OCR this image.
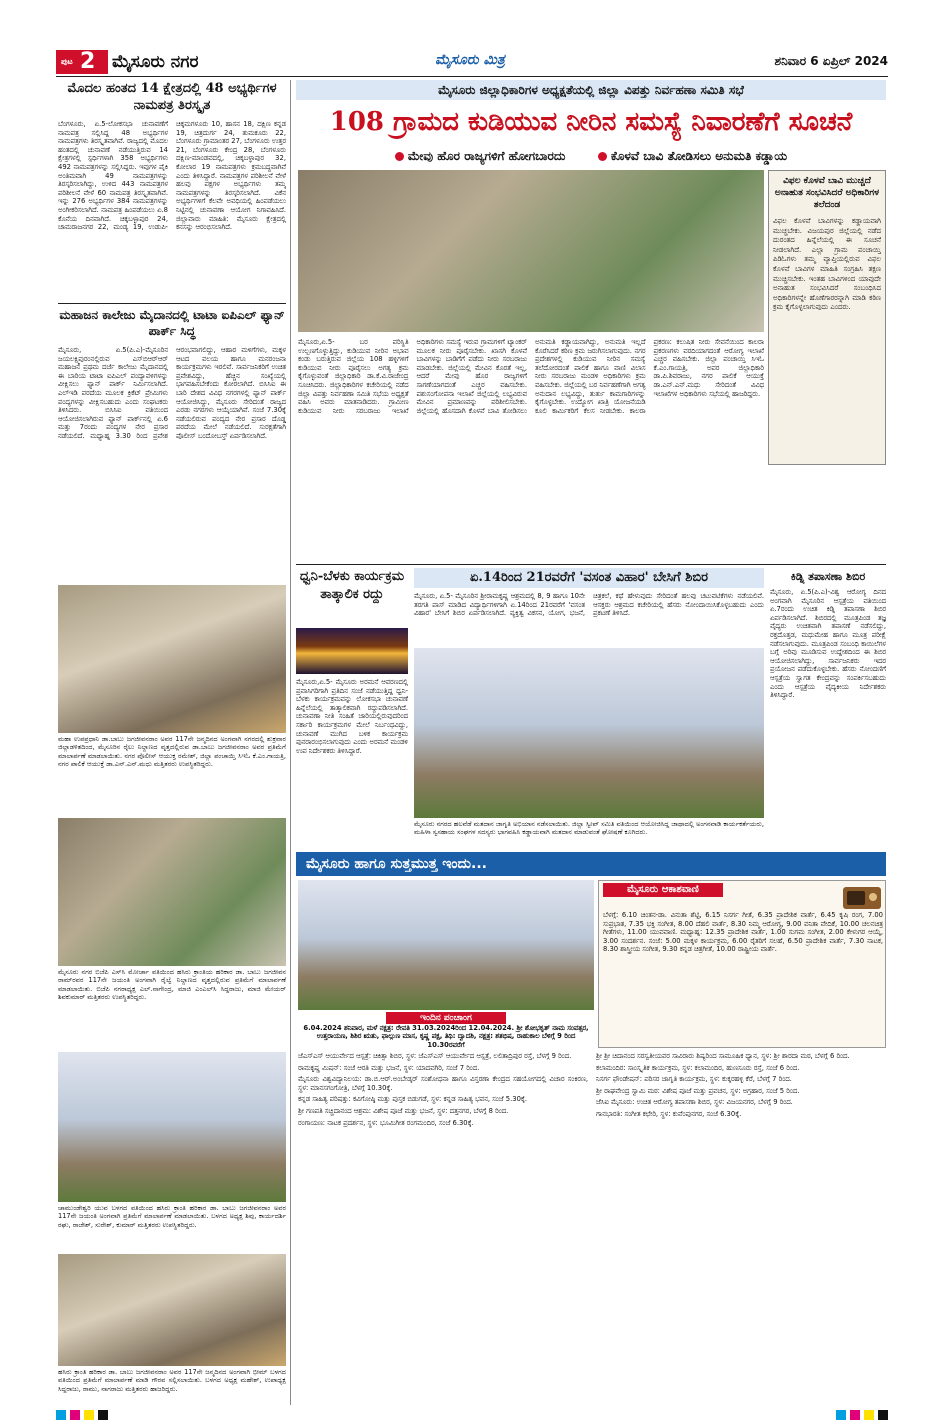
ಪುಟ 2 ಮೈಸೂರು ನಗರ	ಮೈಸೂರು ಮಿತ್ರ	ಶನಿವಾರ 6 ಏಪ್ರಿಲ್ 2024
ಮೊದಲ ಹಂತದ 14 ಕ್ಷೇತ್ರದಲ್ಲಿ 48 ಅಭ್ಯರ್ಥಿಗಳ ನಾಮಪತ್ರ ತಿರಸ್ಕೃತ
ಬೆಂಗಳೂರು, ಏ.5-ಲೋಕಸಭಾ ಚುನಾವಣೆಗೆ ನಾಮಪತ್ರ ಸಲ್ಲಿಸಿದ್ದ 48 ಅಭ್ಯರ್ಥಿಗಳ ನಾಮಪತ್ರಗಳು ತಿರಸ್ಕೃತವಾಗಿವೆ. ರಾಜ್ಯದಲ್ಲಿ ಮೊದಲ ಹಂತದಲ್ಲಿ ಚುನಾವಣೆ ನಡೆಯುತ್ತಿರುವ 14 ಕ್ಷೇತ್ರಗಳಲ್ಲಿ ಸ್ಪರ್ಧಿಗಳಾಗಿ 358 ಅಭ್ಯರ್ಥಿಗಳು 492 ನಾಮಪತ್ರಗಳನ್ನು ಸಲ್ಲಿಸಿದ್ದರು. ಇವುಗಳ ಪೈಕಿ ಅಂತಿಮವಾಗಿ 49 ನಾಮಪತ್ರಗಳನ್ನು ತಿರಸ್ಕರಿಸಲಾಗಿದ್ದು, ಉಳಿದ 443 ನಾಮಪತ್ರಗಳ ಪರಿಶೀಲನೆ ವೇಳೆ 60 ನಾಮಪತ್ರ ತಿರಸ್ಕೃತವಾಗಿವೆ. ಇನ್ನು 276 ಅಭ್ಯರ್ಥಿಗಳ 384 ನಾಮಪತ್ರಗಳನ್ನು ಅಂಗೀಕರಿಸಲಾಗಿದೆ. ನಾಮಪತ್ರ ಹಿಂಪಡೆಯಲು ಏ.8 ಕೊನೆಯ ದಿನವಾಗಿದೆ. ಚಿಕ್ಕಬಳ್ಳಾಪುರ 24, ಚಾಮರಾಜನಗರ 22, ಮಂಡ್ಯ 19, ಉಡುಪಿ-ಚಿಕ್ಕಮಗಳೂರು 10, ಹಾಸನ 18, ದಕ್ಷಿಣ ಕನ್ನಡ 19, ಚಿತ್ರದುರ್ಗ 24, ತುಮಕೂರು 22, ಬೆಂಗಳೂರು ಗ್ರಾಮಾಂತರ 27, ಬೆಂಗಳೂರು ಉತ್ತರ 21, ಬೆಂಗಳೂರು ಕೇಂದ್ರ 28, ಬೆಂಗಳೂರು ದಕ್ಷಿಣ-ಮಾಂಡವದಲ್ಲಿ, ಚಿಕ್ಕಬಳ್ಳಾಪುರ 32, ಕೋಲಾರ 19 ನಾಮಪತ್ರಗಳು ಕ್ರಮಬದ್ಧವಾಗಿವೆ ಎಂದು ತಿಳಿಸಿದ್ದಾರೆ. ನಾಮಪತ್ರಗಳ ಪರಿಶೀಲನೆ ವೇಳೆ ಹಲವು ಪಕ್ಷಗಳ ಅಭ್ಯರ್ಥಿಗಳು ತಮ್ಮ ನಾಮಪತ್ರಗಳನ್ನು ತಿರಸ್ಕರಿಸಲಾಗಿದೆ. ವಿಕೆನ ಅಭ್ಯರ್ಥಿಗಳಿಗೆ ಕೆಲವೇ ಅವಧಿಯಲ್ಲಿ ಹಿಂಪಡೆಯಲು ನಿಟ್ಟಿನಲ್ಲಿ ಚುನಾವಣಾ ಆಯೋಗ ನಿಗಾವಹಿಸಿದೆ. ಜಿಲ್ಲಾವಾರು ಮಾಹಿತಿ: ಮೈಸೂರು ಕ್ಷೇತ್ರದಲ್ಲಿ ಕನಸನ್ನು ಆರಂಭಿಸಲಾಗಿದೆ.
ಮಹಾಜನ ಕಾಲೇಜು ಮೈದಾನದಲ್ಲಿ ಟಾಟಾ ಐಪಿಎಲ್ ಫ್ಯಾನ್ ಪಾರ್ಕ್ ಸಿದ್ಧ
ಮೈಸೂರು, ಏ.5(ಪಿ.ಎ)-ಮೈಸೂರಿನ ಜಯಲಕ್ಷ್ಮಿಪುರಂನಲ್ಲಿರುವ ಎಸ್‌ಬಿಆರ್‌ಆರ್ ಮಹಾಜನ ಪ್ರಥಮ ದರ್ಜೆ ಕಾಲೇಜು ಮೈದಾನದಲ್ಲಿ ಈ ಬಾರಿಯ ಟಾಟಾ ಐಪಿಎಲ್ ಪಂದ್ಯಾವಳಿಗಳನ್ನು ವೀಕ್ಷಿಸಲು ಫ್ಯಾನ್ ಪಾರ್ಕ್ ನಿರ್ಮಿಸಲಾಗಿದೆ. ಎಲ್‌ಇಡಿ ಪರದೆಯ ಮೂಲಕ ಕ್ರಿಕೆಟ್ ಪ್ರೇಮಿಗಳು ಪಂದ್ಯಗಳನ್ನು ವೀಕ್ಷಿಸಬಹುದು ಎಂದು ಸಂಘಟಕರು ತಿಳಿಸಿದರು. ಬಿಸಿಸಿಐ ವತಿಯಿಂದ ಆಯೋಜಿಸಲಾಗಿರುವ ಫ್ಯಾನ್ ಪಾರ್ಕ್‌ನಲ್ಲಿ ಏ.6 ಮತ್ತು 7ರಂದು ಪಂದ್ಯಗಳ ನೇರ ಪ್ರಸಾರ ನಡೆಯಲಿದೆ. ಮಧ್ಯಾಹ್ನ 3.30 ರಿಂದ ಪ್ರವೇಶ ಆರಂಭವಾಗಲಿದ್ದು, ಆಹಾರ ಮಳಿಗೆಗಳು, ಮಕ್ಕಳ ಆಟದ ವಲಯ ಹಾಗೂ ಮನರಂಜನಾ ಕಾರ್ಯಕ್ರಮಗಳು ಇರಲಿವೆ. ಸಾರ್ವಜನಿಕರಿಗೆ ಉಚಿತ ಪ್ರವೇಶವಿದ್ದು, ಹೆಚ್ಚಿನ ಸಂಖ್ಯೆಯಲ್ಲಿ ಭಾಗವಹಿಸಬೇಕೆಂದು ಕೋರಲಾಗಿದೆ. ಬಿಸಿಸಿಐ ಈ ಬಾರಿ ದೇಶದ ವಿವಿಧ ನಗರಗಳಲ್ಲಿ ಫ್ಯಾನ್ ಪಾರ್ಕ್ ಆಯೋಜಿಸಿದ್ದು, ಮೈಸೂರು ಸೇರಿದಂತೆ ರಾಜ್ಯದ ಎರಡು ನಗರಗಳು ಆಯ್ಕೆಯಾಗಿವೆ. ಸಂಜೆ 7.30ಕ್ಕೆ ನಡೆಯಲಿರುವ ಪಂದ್ಯದ ನೇರ ಪ್ರಸಾರ ದೊಡ್ಡ ಪರದೆಯ ಮೇಲೆ ನಡೆಯಲಿದೆ. ಸುರಕ್ಷತೆಗಾಗಿ ಪೊಲೀಸ್ ಬಂದೋಬಸ್ತ್ ಏರ್ಪಡಿಸಲಾಗಿದೆ.
ಮಹಾ ಉಪಪ್ರಧಾನಿ ಡಾ.ಬಾಬು ಜಗಜೀವನರಾಂ ಅವರ 117ನೇ ಜನ್ಮದಿನದ ಅಂಗವಾಗಿ ನಗರದಲ್ಲಿ ಶುಕ್ರವಾರ ಜಿಲ್ಲಾಡಳಿತದಿಂದ, ಮೈಸೂರಿನ ರೈಲು ನಿಲ್ದಾಣದ ವೃತ್ತದಲ್ಲಿರುವ ಡಾ.ಬಾಬು ಜಗಜೀವನರಾಂ ಅವರ ಪ್ರತಿಮೆಗೆ ಮಾಲಾರ್ಪಣೆ ಮಾಡಲಾಯಿತು. ನಗರ ಪೊಲೀಸ್ ಆಯುಕ್ತ ರಮೇಶ್, ಜಿಲ್ಲಾ ಪಂಚಾಯ್ತಿ ಸಿಇಓ ಕೆ.ಎಂ.ಗಾಯತ್ರಿ, ನಗರ ಪಾಲಿಕೆ ಆಯುಕ್ತೆ ಡಾ.ಎನ್.ಎನ್.ಮಧು ಮತ್ತಿತರರು ಉಪಸ್ಥಿತರಿದ್ದರು.
ಮೈಸೂರು ನಗರ ಬಿಜೆಪಿ ಎಸ್‌ಸಿ ಮೋರ್ಚಾ ವತಿಯಿಂದ ಹಸಿರು ಕ್ರಾಂತಿಯ ಹರಿಕಾರ ಡಾ. ಬಾಬು ಜಗಜೀವನ ರಾಮ್‌ರವರ 117ನೇ ಜಯಂತಿ ಅಂಗವಾಗಿ ರೈಲ್ವೆ ನಿಲ್ದಾಣದ ವೃತ್ತದಲ್ಲಿರುವ ಪ್ರತಿಮೆಗೆ ಮಾಲಾರ್ಪಣೆ ಮಾಡಲಾಯಿತು. ಬಿಜೆಪಿ ನಗರಾಧ್ಯಕ್ಷ ಎಲ್.ನಾಗೇಂದ್ರ, ಮಾಜಿ ಎಂಎಲ್‌ಸಿ ಸಿದ್ದರಾಜು, ಮಾಜಿ ಮೇಯರ್ ಶಿವಕುಮಾರ್ ಮತ್ತಿತರರು ಉಪಸ್ಥಿತರಿದ್ದರು.
ಚಾಮುಂಡೇಶ್ವರಿ ಯುವ ಬಳಗದ ವತಿಯಿಂದ ಹಸಿರು ಕ್ರಾಂತಿ ಹರಿಕಾರ ಡಾ. ಬಾಬು ಜಗಜೀವನರಾಂ ಅವರ 117ನೇ ಜಯಂತಿ ಅಂಗವಾಗಿ ಪ್ರತಿಮೆಗೆ ಮಾಲಾರ್ಪಣೆ ಮಾಡಲಾಯಿತು. ಬಳಗದ ಅಧ್ಯಕ್ಷ ಶಿವು, ಕಾರ್ಯದರ್ಶಿ ರಘು, ರಾಜೇಶ್, ಸುರೇಶ್, ಕುಮಾರ್ ಮತ್ತಿತರರು ಉಪಸ್ಥಿತರಿದ್ದರು.
ಹಸಿರು ಕ್ರಾಂತಿ ಹರಿಕಾರ ಡಾ. ಬಾಬು ಜಗಜೀವನರಾಂ ಅವರ 117ನೇ ಜನ್ಮದಿನದ ಅಂಗವಾಗಿ ಭೀಮ್ ಬಳಗದ ವತಿಯಿಂದ ಪ್ರತಿಮೆಗೆ ಮಾಲಾರ್ಪಣೆ ಮಾಡಿ ಗೌರವ ಸಲ್ಲಿಸಲಾಯಿತು. ಬಳಗದ ಅಧ್ಯಕ್ಷ ಮಹೇಶ್, ಉಪಾಧ್ಯಕ್ಷ ಸಿದ್ದರಾಜು, ರಾಮು, ನಾಗರಾಜು ಮತ್ತಿತರರು ಹಾಜರಿದ್ದರು.
ಮೈಸೂರು ಜಿಲ್ಲಾಧಿಕಾರಿಗಳ ಅಧ್ಯಕ್ಷತೆಯಲ್ಲಿ ಜಿಲ್ಲಾ ವಿಪತ್ತು ನಿರ್ವಹಣಾ ಸಮಿತಿ ಸಭೆ
108 ಗ್ರಾಮದ ಕುಡಿಯುವ ನೀರಿನ ಸಮಸ್ಯೆ ನಿವಾರಣೆಗೆ ಸೂಚನೆ
ಮೇವು ಹೊರ ರಾಜ್ಯಗಳಿಗೆ ಹೋಗಬಾರದು	ಕೊಳವೆ ಬಾವಿ ತೋಡಿಸಲು ಅನುಮತಿ ಕಡ್ಡಾಯ
ವಿಫಲ ಕೊಳವೆ ಬಾವಿ ಮುಚ್ಚದೆ ಅನಾಹುತ ಸಂಭವಿಸಿದರೆ ಅಧಿಕಾರಿಗಳ ತಲೆದಂಡ
ವಿಫಲ ಕೊಳವೆ ಬಾವಿಗಳನ್ನು ಕಡ್ಡಾಯವಾಗಿ ಮುಚ್ಚಬೇಕು. ವಿಜಯಪುರ ಜಿಲ್ಲೆಯಲ್ಲಿ ನಡೆದ ದುರಂತದ ಹಿನ್ನೆಲೆಯಲ್ಲಿ ಈ ಸೂಚನೆ ನೀಡಲಾಗಿದೆ. ಎಲ್ಲಾ ಗ್ರಾಮ ಪಂಚಾಯ್ತಿ ಪಿಡಿಓಗಳು ತಮ್ಮ ವ್ಯಾಪ್ತಿಯಲ್ಲಿರುವ ವಿಫಲ ಕೊಳವೆ ಬಾವಿಗಳ ಮಾಹಿತಿ ಸಂಗ್ರಹಿಸಿ ತಕ್ಷಣ ಮುಚ್ಚಿಸಬೇಕು. ಇಂತಹ ಬಾವಿಗಳಿಂದ ಯಾವುದೇ ಅನಾಹುತ ಸಂಭವಿಸಿದರೆ ಸಂಬಂಧಿಸಿದ ಅಧಿಕಾರಿಗಳನ್ನೇ ಹೊಣೆಗಾರರನ್ನಾಗಿ ಮಾಡಿ ಕಠಿಣ ಕ್ರಮ ಕೈಗೊಳ್ಳಲಾಗುವುದು ಎಂದರು.
ಮೈಸೂರು,ಏ.5- ಬರ ಪರಿಸ್ಥಿತಿ ಉಲ್ಬಣಗೊಳ್ಳುತ್ತಿದ್ದು, ಕುಡಿಯುವ ನೀರಿನ ಅಭಾವ ಕಂಡು ಬರುತ್ತಿರುವ ಜಿಲ್ಲೆಯ 108 ಹಳ್ಳಿಗಳಿಗೆ ಕುಡಿಯುವ ನೀರು ಪೂರೈಸಲು ಅಗತ್ಯ ಕ್ರಮ ಕೈಗೊಳ್ಳುವಂತೆ ಜಿಲ್ಲಾಧಿಕಾರಿ ಡಾ.ಕೆ.ವಿ.ರಾಜೇಂದ್ರ ಸೂಚಿಸಿದರು. ಜಿಲ್ಲಾಧಿಕಾರಿಗಳ ಕಚೇರಿಯಲ್ಲಿ ನಡೆದ ಜಿಲ್ಲಾ ವಿಪತ್ತು ನಿರ್ವಹಣಾ ಸಮಿತಿ ಸಭೆಯ ಅಧ್ಯಕ್ಷತೆ ವಹಿಸಿ ಅವರು ಮಾತನಾಡಿದರು. ಗ್ರಾಮೀಣ ಕುಡಿಯುವ ನೀರು ಸರಬರಾಜು ಇಲಾಖೆ ಅಧಿಕಾರಿಗಳು ಸಮಸ್ಯೆ ಇರುವ ಗ್ರಾಮಗಳಿಗೆ ಟ್ಯಾಂಕರ್ ಮೂಲಕ ನೀರು ಪೂರೈಸಬೇಕು. ಖಾಸಗಿ ಕೊಳವೆ ಬಾವಿಗಳನ್ನು ಬಾಡಿಗೆಗೆ ಪಡೆದು ನೀರು ಸರಬರಾಜು ಮಾಡಬೇಕು. ಜಿಲ್ಲೆಯಲ್ಲಿ ಮೇವಿನ ಕೊರತೆ ಇಲ್ಲ, ಆದರೆ ಮೇವು ಹೊರ ರಾಜ್ಯಗಳಿಗೆ ಸಾಗಣೆಯಾಗದಂತೆ ಎಚ್ಚರ ವಹಿಸಬೇಕು. ಪಶುಸಂಗೋಪನಾ ಇಲಾಖೆ ಜಿಲ್ಲೆಯಲ್ಲಿ ಲಭ್ಯವಿರುವ ಮೇವಿನ ಪ್ರಮಾಣವನ್ನು ಪರಿಶೀಲಿಸಬೇಕು. ಜಿಲ್ಲೆಯಲ್ಲಿ ಹೊಸದಾಗಿ ಕೊಳವೆ ಬಾವಿ ತೋಡಿಸಲು ಅನುಮತಿ ಕಡ್ಡಾಯವಾಗಿದ್ದು, ಅನುಮತಿ ಇಲ್ಲದೆ ಕೊರೆಸಿದರೆ ಕಠಿಣ ಕ್ರಮ ಜರುಗಿಸಲಾಗುವುದು. ನಗರ ಪ್ರದೇಶಗಳಲ್ಲಿ ಕುಡಿಯುವ ನೀರಿನ ಸಮಸ್ಯೆ ತಲೆದೋರದಂತೆ ಪಾಲಿಕೆ ಹಾಗೂ ವಾಣಿ ವಿಲಾಸ ನೀರು ಸರಬರಾಜು ಮಂಡಳಿ ಅಧಿಕಾರಿಗಳು ಕ್ರಮ ವಹಿಸಬೇಕು. ಜಿಲ್ಲೆಯಲ್ಲಿ ಬರ ನಿರ್ವಹಣೆಗಾಗಿ ಅಗತ್ಯ ಅನುದಾನ ಲಭ್ಯವಿದ್ದು, ತುರ್ತು ಕಾಮಗಾರಿಗಳನ್ನು ಕೈಗೊಳ್ಳಬೇಕು. ಉದ್ಯೋಗ ಖಾತ್ರಿ ಯೋಜನೆಯಡಿ ಕೂಲಿ ಕಾರ್ಮಿಕರಿಗೆ ಕೆಲಸ ನೀಡಬೇಕು. ಕಾಲರಾ ಪ್ರಕರಣ: ಕಲುಷಿತ ನೀರು ಸೇವನೆಯಿಂದ ಕಾಲರಾ ಪ್ರಕರಣಗಳು ವರದಿಯಾಗದಂತೆ ಆರೋಗ್ಯ ಇಲಾಖೆ ಎಚ್ಚರ ವಹಿಸಬೇಕು. ಜಿಲ್ಲಾ ಪಂಚಾಯ್ತಿ ಸಿಇಓ ಕೆ.ಎಂ.ಗಾಯತ್ರಿ, ಅಪರ ಜಿಲ್ಲಾಧಿಕಾರಿ ಡಾ.ಪಿ.ಶಿವರಾಜು, ನಗರ ಪಾಲಿಕೆ ಆಯುಕ್ತೆ ಡಾ.ಎನ್.ಎನ್.ಮಧು ಸೇರಿದಂತೆ ವಿವಿಧ ಇಲಾಖೆಗಳ ಅಧಿಕಾರಿಗಳು ಸಭೆಯಲ್ಲಿ ಹಾಜರಿದ್ದರು.
ಧ್ವನಿ-ಬೆಳಕು ಕಾರ್ಯಕ್ರಮ ತಾತ್ಕಾಲಿಕ ರದ್ದು
ಮೈಸೂರು,ಏ.5- ಮೈಸೂರು ಅರಮನೆ ಆವರಣದಲ್ಲಿ ಪ್ರವಾಸಿಗರಿಗಾಗಿ ಪ್ರತಿದಿನ ಸಂಜೆ ನಡೆಯುತ್ತಿದ್ದ ಧ್ವನಿ-ಬೆಳಕು ಕಾರ್ಯಕ್ರಮವನ್ನು ಲೋಕಸಭಾ ಚುನಾವಣೆ ಹಿನ್ನೆಲೆಯಲ್ಲಿ ತಾತ್ಕಾಲಿಕವಾಗಿ ರದ್ದುಪಡಿಸಲಾಗಿದೆ. ಚುನಾವಣಾ ನೀತಿ ಸಂಹಿತೆ ಜಾರಿಯಲ್ಲಿರುವುದರಿಂದ ಸರ್ಕಾರಿ ಕಾರ್ಯಕ್ರಮಗಳ ಮೇಲೆ ನಿರ್ಬಂಧವಿದ್ದು, ಚುನಾವಣೆ ಮುಗಿದ ಬಳಿಕ ಕಾರ್ಯಕ್ರಮ ಪುನರಾರಂಭಿಸಲಾಗುವುದು ಎಂದು ಅರಮನೆ ಮಂಡಳಿ ಉಪ ನಿರ್ದೇಶಕರು ತಿಳಿಸಿದ್ದಾರೆ.
ಏ.14ರಿಂದ 21ರವರೆಗೆ 'ವಸಂತ ವಿಹಾರ' ಬೇಸಿಗೆ ಶಿಬಿರ
ಮೈಸೂರು, ಏ.5- ಮೈಸೂರಿನ ಶ್ರೀರಾಮಕೃಷ್ಣ ಆಶ್ರಮದಲ್ಲಿ 8, 9 ಹಾಗೂ 10ನೇ ತರಗತಿ ಪಾಸ್ ಮಾಡಿದ ವಿದ್ಯಾರ್ಥಿಗಳಿಗಾಗಿ ಏ.14ರಿಂದ 21ರವರೆಗೆ 'ವಸಂತ ವಿಹಾರ' ಬೇಸಿಗೆ ಶಿಬಿರ ಏರ್ಪಡಿಸಲಾಗಿದೆ. ವ್ಯಕ್ತಿತ್ವ ವಿಕಸನ, ಯೋಗ, ಭಜನೆ, ಚಿತ್ರಕಲೆ, ಕಥೆ ಹೇಳುವುದು ಸೇರಿದಂತೆ ಹಲವು ಚಟುವಟಿಕೆಗಳು ನಡೆಯಲಿವೆ. ಆಸಕ್ತರು ಆಶ್ರಮದ ಕಚೇರಿಯಲ್ಲಿ ಹೆಸರು ನೋಂದಾಯಿಸಿಕೊಳ್ಳಬಹುದು ಎಂದು ಪ್ರಕಟಣೆ ತಿಳಿಸಿದೆ.
ಮೈಸೂರು ನಗರದ ಹಲವೆಡೆ ಮತದಾನ ಜಾಗೃತಿ ಅಭಿಯಾನ ನಡೆಸಲಾಯಿತು. ಜಿಲ್ಲಾ ಸ್ವೀಪ್ ಸಮಿತಿ ವತಿಯಿಂದ ಆಯೋಜಿಸಿದ್ದ ಜಾಥಾದಲ್ಲಿ ಅಂಗನವಾಡಿ ಕಾರ್ಯಕರ್ತೆಯರು, ಮಹಿಳಾ ಸ್ವಸಹಾಯ ಸಂಘಗಳ ಸದಸ್ಯರು ಭಾಗವಹಿಸಿ ಕಡ್ಡಾಯವಾಗಿ ಮತದಾನ ಮಾಡುವಂತೆ ಘೋಷಣೆ ಕೂಗಿದರು.
ಕಿಡ್ನಿ ತಪಾಸಣಾ ಶಿಬಿರ
ಮೈಸೂರು, ಏ.5(ಪಿ.ಎ)-ವಿಶ್ವ ಆರೋಗ್ಯ ದಿನದ ಅಂಗವಾಗಿ ಮೈಸೂರಿನ ಆಸ್ಪತ್ರೆಯ ವತಿಯಿಂದ ಏ.7ರಂದು ಉಚಿತ ಕಿಡ್ನಿ ತಪಾಸಣಾ ಶಿಬಿರ ಏರ್ಪಡಿಸಲಾಗಿದೆ. ಶಿಬಿರದಲ್ಲಿ ಮೂತ್ರಪಿಂಡ ತಜ್ಞ ವೈದ್ಯರು ಉಚಿತವಾಗಿ ತಪಾಸಣೆ ನಡೆಸಲಿದ್ದು, ರಕ್ತದೊತ್ತಡ, ಮಧುಮೇಹ ಹಾಗೂ ಮೂತ್ರ ಪರೀಕ್ಷೆ ನಡೆಸಲಾಗುವುದು. ಮೂತ್ರಪಿಂಡ ಸಂಬಂಧಿ ಕಾಯಿಲೆಗಳ ಬಗ್ಗೆ ಅರಿವು ಮೂಡಿಸುವ ಉದ್ದೇಶದಿಂದ ಈ ಶಿಬಿರ ಆಯೋಜಿಸಲಾಗಿದ್ದು, ಸಾರ್ವಜನಿಕರು ಇದರ ಪ್ರಯೋಜನ ಪಡೆದುಕೊಳ್ಳಬೇಕು. ಹೆಸರು ನೋಂದಣಿಗೆ ಆಸ್ಪತ್ರೆಯ ಸ್ವಾಗತ ಕೇಂದ್ರವನ್ನು ಸಂಪರ್ಕಿಸಬಹುದು ಎಂದು ಆಸ್ಪತ್ರೆಯ ವೈದ್ಯಕೀಯ ನಿರ್ದೇಶಕರು ತಿಳಿಸಿದ್ದಾರೆ.
ಮೈಸೂರು ಹಾಗೂ ಸುತ್ತಮುತ್ತ ಇಂದು...
ಇಂದಿನ ಪಂಚಾಂಗ
6.04.2024 ಶನಿವಾರ, ಮಳೆ ನಕ್ಷತ್ರ: ರೇವತಿ 31.03.2024ರಿಂದ 12.04.2024. ಶ್ರೀ ಶೋಭಕೃತ್ ನಾಮ ಸಂವತ್ಸರ, ಉತ್ತರಾಯಣ, ಶಿಶಿರ ಋತು, ಫಾಲ್ಗುಣ ಮಾಸ, ಕೃಷ್ಣ ಪಕ್ಷ, ತಿಥಿ: ದ್ವಾದಶಿ, ನಕ್ಷತ್ರ: ಶತಭಿಷ, ರಾಹುಕಾಲ ಬೆಳಿಗ್ಗೆ 9 ರಿಂದ 10.30ರವರೆಗೆ
ಮೈಸೂರು ಆಕಾಶವಾಣಿ
ಬೆಳಗ್ಗೆ: 6.10 ಚಿಂತನ-ಡಾ. ವಿನುತಾ ಶೆಟ್ಟಿ, 6.15 ನಿಸರ್ಗ ಗೀತೆ, 6.35 ಪ್ರಾದೇಶಿಕ ವಾರ್ತೆ, 6.45 ಕೃಷಿ ರಂಗ, 7.00 ಸುಪ್ರಭಾತ, 7.35 ಭಕ್ತಿ ಸಂಗೀತ, 8.00 ದೆಹಲಿ ವಾರ್ತೆ, 8.30 ನಿಮ್ಮ ಆರೋಗ್ಯ, 9.00 ವನಿತಾ ವೇದಿಕೆ, 10.00 ಚಲನಚಿತ್ರ ಗೀತೆಗಳು, 11.00 ಯುವವಾಣಿ. ಮಧ್ಯಾಹ್ನ: 12.35 ಪ್ರಾದೇಶಿಕ ವಾರ್ತೆ, 1.00 ಸುಗಮ ಸಂಗೀತ, 2.00 ಕೇಳುಗರ ಆಯ್ಕೆ, 3.00 ಸಂದರ್ಶನ. ಸಂಜೆ: 5.00 ಮಕ್ಕಳ ಕಾರ್ಯಕ್ರಮ, 6.00 ರೈತರಿಗೆ ಸಲಹೆ, 6.50 ಪ್ರಾದೇಶಿಕ ವಾರ್ತೆ, 7.30 ನಾಟಕ, 8.30 ಶಾಸ್ತ್ರೀಯ ಸಂಗೀತ, 9.30 ಕನ್ನಡ ಚಿತ್ರಗೀತೆ, 10.00 ರಾಷ್ಟ್ರೀಯ ವಾರ್ತೆ.
ಜೆಎಸ್‌ಎಸ್ ಆಯುರ್ವೇದ ಆಸ್ಪತ್ರೆ: ಚಿಕಿತ್ಸಾ ಶಿಬಿರ, ಸ್ಥಳ: ಜೆಎಸ್‌ಎಸ್ ಆಯುರ್ವೇದ ಆಸ್ಪತ್ರೆ, ಲಲಿತಾದ್ರಿಪುರ ರಸ್ತೆ, ಬೆಳಗ್ಗೆ 9 ರಿಂದ.
ರಾಮಕೃಷ್ಣ ಮಿಷನ್: ಸಂಜೆ ಆರತಿ ಮತ್ತು ಭಜನೆ, ಸ್ಥಳ: ಯಾದವಗಿರಿ, ಸಂಜೆ 7 ರಿಂದ.
ಮೈಸೂರು ವಿಶ್ವವಿದ್ಯಾನಿಲಯ: ಡಾ.ಬಿ.ಆರ್.ಅಂಬೇಡ್ಕರ್ ಸಂಶೋಧನಾ ಹಾಗೂ ವಿಸ್ತರಣಾ ಕೇಂದ್ರದ ಸಹಯೋಗದಲ್ಲಿ ವಿಚಾರ ಸಂಕಿರಣ, ಸ್ಥಳ: ಮಾನಸಗಂಗೋತ್ರಿ, ಬೆಳಗ್ಗೆ 10.30ಕ್ಕೆ.
ಕನ್ನಡ ಸಾಹಿತ್ಯ ಪರಿಷತ್ತು: ಕವಿಗೋಷ್ಠಿ ಮತ್ತು ಪುಸ್ತಕ ಬಿಡುಗಡೆ, ಸ್ಥಳ: ಕನ್ನಡ ಸಾಹಿತ್ಯ ಭವನ, ಸಂಜೆ 5.30ಕ್ಕೆ.
ಶ್ರೀ ಗಣಪತಿ ಸಚ್ಚಿದಾನಂದ ಆಶ್ರಮ: ವಿಶೇಷ ಪೂಜೆ ಮತ್ತು ಭಜನೆ, ಸ್ಥಳ: ದತ್ತನಗರ, ಬೆಳಗ್ಗೆ 8 ರಿಂದ.
ರಂಗಾಯಣ: ನಾಟಕ ಪ್ರದರ್ಶನ, ಸ್ಥಳ: ಭೂಮಿಗೀತ ರಂಗಮಂದಿರ, ಸಂಜೆ 6.30ಕ್ಕೆ.
ಶ್ರೀ ಶ್ರೀ ಚಿದಾನಂದ ಸರಸ್ವತೀಯವರ ಸಾವಿರಾರು ಶಿಷ್ಯರಿಂದ ಸಾಮೂಹಿಕ ಧ್ಯಾನ, ಸ್ಥಳ: ಶ್ರೀ ಶಾರದಾ ಮಠ, ಬೆಳಗ್ಗೆ 6 ರಿಂದ.
ಕಲಾಮಂದಿರ: ಸಾಂಸ್ಕೃತಿಕ ಕಾರ್ಯಕ್ರಮ, ಸ್ಥಳ: ಕಲಾಮಂದಿರ, ಹುಣಸೂರು ರಸ್ತೆ, ಸಂಜೆ 6 ರಿಂದ.
ನಿಸರ್ಗ ಫೌಂಡೇಷನ್: ಪರಿಸರ ಜಾಗೃತಿ ಕಾರ್ಯಕ್ರಮ, ಸ್ಥಳ: ಕುಕ್ಕರಹಳ್ಳಿ ಕೆರೆ, ಬೆಳಗ್ಗೆ 7 ರಿಂದ.
ಶ್ರೀ ರಾಘವೇಂದ್ರ ಸ್ವಾಮಿ ಮಠ: ವಿಶೇಷ ಪೂಜೆ ಮತ್ತು ಪ್ರವಚನ, ಸ್ಥಳ: ಅಗ್ರಹಾರ, ಸಂಜೆ 5 ರಿಂದ.
ಜೆಸಿಐ ಮೈಸೂರು: ಉಚಿತ ಆರೋಗ್ಯ ತಪಾಸಣಾ ಶಿಬಿರ, ಸ್ಥಳ: ವಿಜಯನಗರ, ಬೆಳಗ್ಗೆ 9 ರಿಂದ.
ಗಾನಭಾರತಿ: ಸಂಗೀತ ಕಛೇರಿ, ಸ್ಥಳ: ಕುವೆಂಪುನಗರ, ಸಂಜೆ 6.30ಕ್ಕೆ.
